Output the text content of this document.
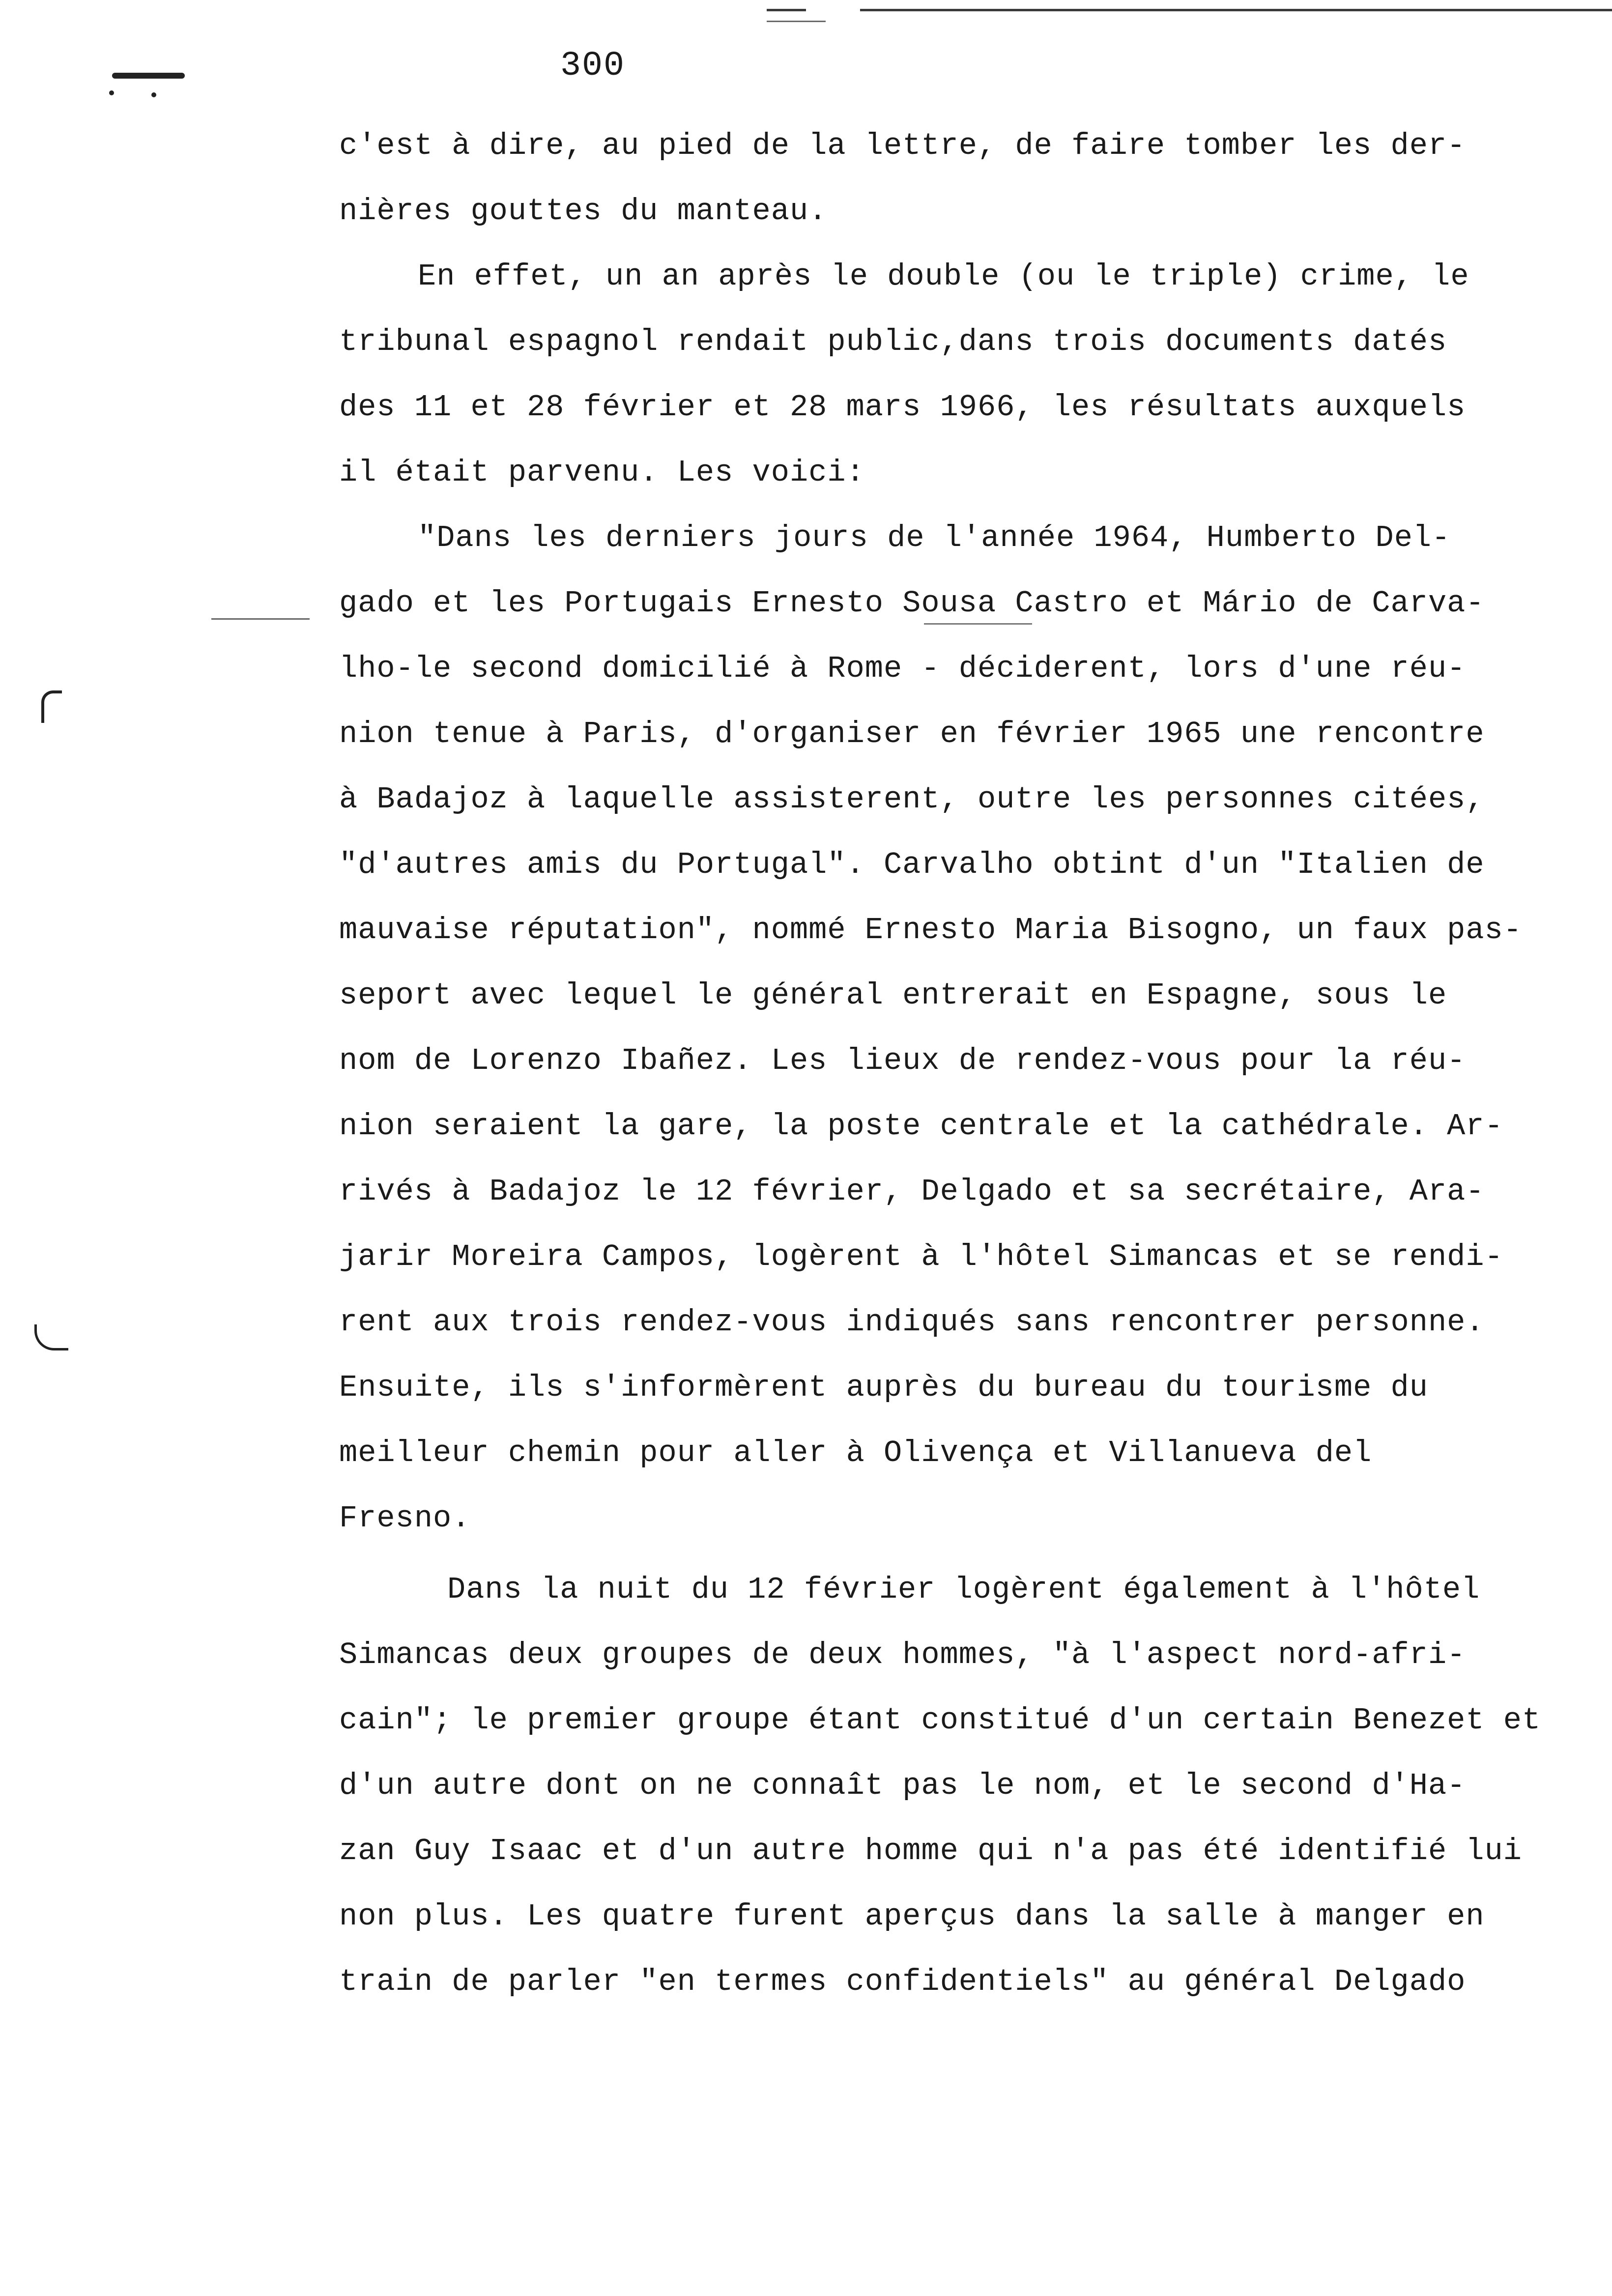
300

c'est à dire, au pied de la lettre, de faire tomber les der-
nières gouttes du manteau.
En effet, un an après le double (ou le triple) crime, le
tribunal espagnol rendait public,dans trois documents datés
des 11 et 28 février et 28 mars 1966, les résultats auxquels
il était parvenu. Les voici:
"Dans les derniers jours de l'année 1964, Humberto Del-
gado et les Portugais Ernesto Sousa Castro et Mário de Carva-
lho-le second domicilié à Rome - déciderent, lors d'une réu-
nion tenue à Paris, d'organiser en février 1965 une rencontre
à Badajoz à laquelle assisterent, outre les personnes citées,
"d'autres amis du Portugal". Carvalho obtint d'un "Italien de
mauvaise réputation", nommé Ernesto Maria Bisogno, un faux pas-
seport avec lequel le général entrerait en Espagne, sous le
nom de Lorenzo Ibañez. Les lieux de rendez-vous pour la réu-
nion seraient la gare, la poste centrale et la cathédrale. Ar-
rivés à Badajoz le 12 février, Delgado et sa secrétaire, Ara-
jarir Moreira Campos, logèrent à l'hôtel Simancas et se rendi-
rent aux trois rendez-vous indiqués sans rencontrer personne.
Ensuite, ils s'informèrent auprès du bureau du tourisme du
meilleur chemin pour aller à Olivença et Villanueva del
Fresno.
Dans la nuit du 12 février logèrent également à l'hôtel
Simancas deux groupes de deux hommes, "à l'aspect nord-afri-
cain"; le premier groupe étant constitué d'un certain Benezet et
d'un autre dont on ne connaît pas le nom, et le second d'Ha-
zan Guy Isaac et d'un autre homme qui n'a pas été identifié lui
non plus. Les quatre furent aperçus dans la salle à manger en
train de parler "en termes confidentiels" au général Delgado
